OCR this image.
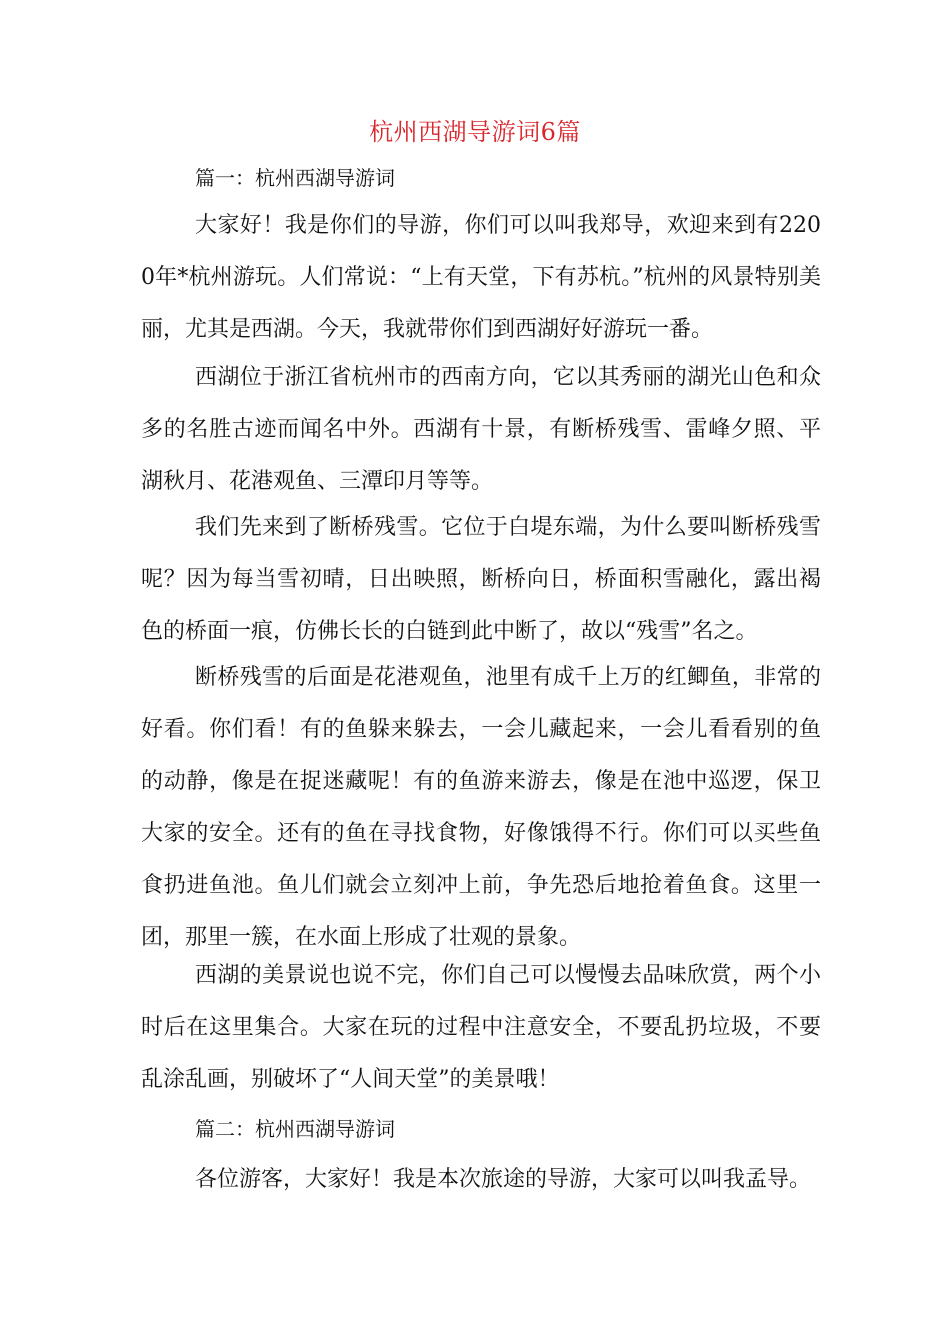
杭州西湖导游词6篇

篇一：杭州西湖导游词

大家好！我是你们的导游，你们可以叫我郑导，欢迎来到有2200年*杭州游玩。人们常说：“上有天堂，下有苏杭。”杭州的风景特别美丽，尤其是西湖。今天，我就带你们到西湖好好游玩一番。

西湖位于浙江省杭州市的西南方向，它以其秀丽的湖光山色和众多的名胜古迹而闻名中外。西湖有十景，有断桥残雪、雷峰夕照、平湖秋月、花港观鱼、三潭印月等等。

我们先来到了断桥残雪。它位于白堤东端，为什么要叫断桥残雪呢？因为每当雪初晴，日出映照，断桥向日，桥面积雪融化，露出褐色的桥面一痕，仿佛长长的白链到此中断了，故以“残雪”名之。

断桥残雪的后面是花港观鱼，池里有成千上万的红鲫鱼，非常的好看。你们看！有的鱼躲来躲去，一会儿藏起来，一会儿看看别的鱼的动静，像是在捉迷藏呢！有的鱼游来游去，像是在池中巡逻，保卫大家的安全。还有的鱼在寻找食物，好像饿得不行。你们可以买些鱼食扔进鱼池。鱼儿们就会立刻冲上前，争先恐后地抢着鱼食。这里一团，那里一簇，在水面上形成了壮观的景象。

西湖的美景说也说不完，你们自己可以慢慢去品味欣赏，两个小时后在这里集合。大家在玩的过程中注意安全，不要乱扔垃圾，不要乱涂乱画，别破坏了“人间天堂”的美景哦！

篇二：杭州西湖导游词

各位游客，大家好！我是本次旅途的导游，大家可以叫我孟导。
